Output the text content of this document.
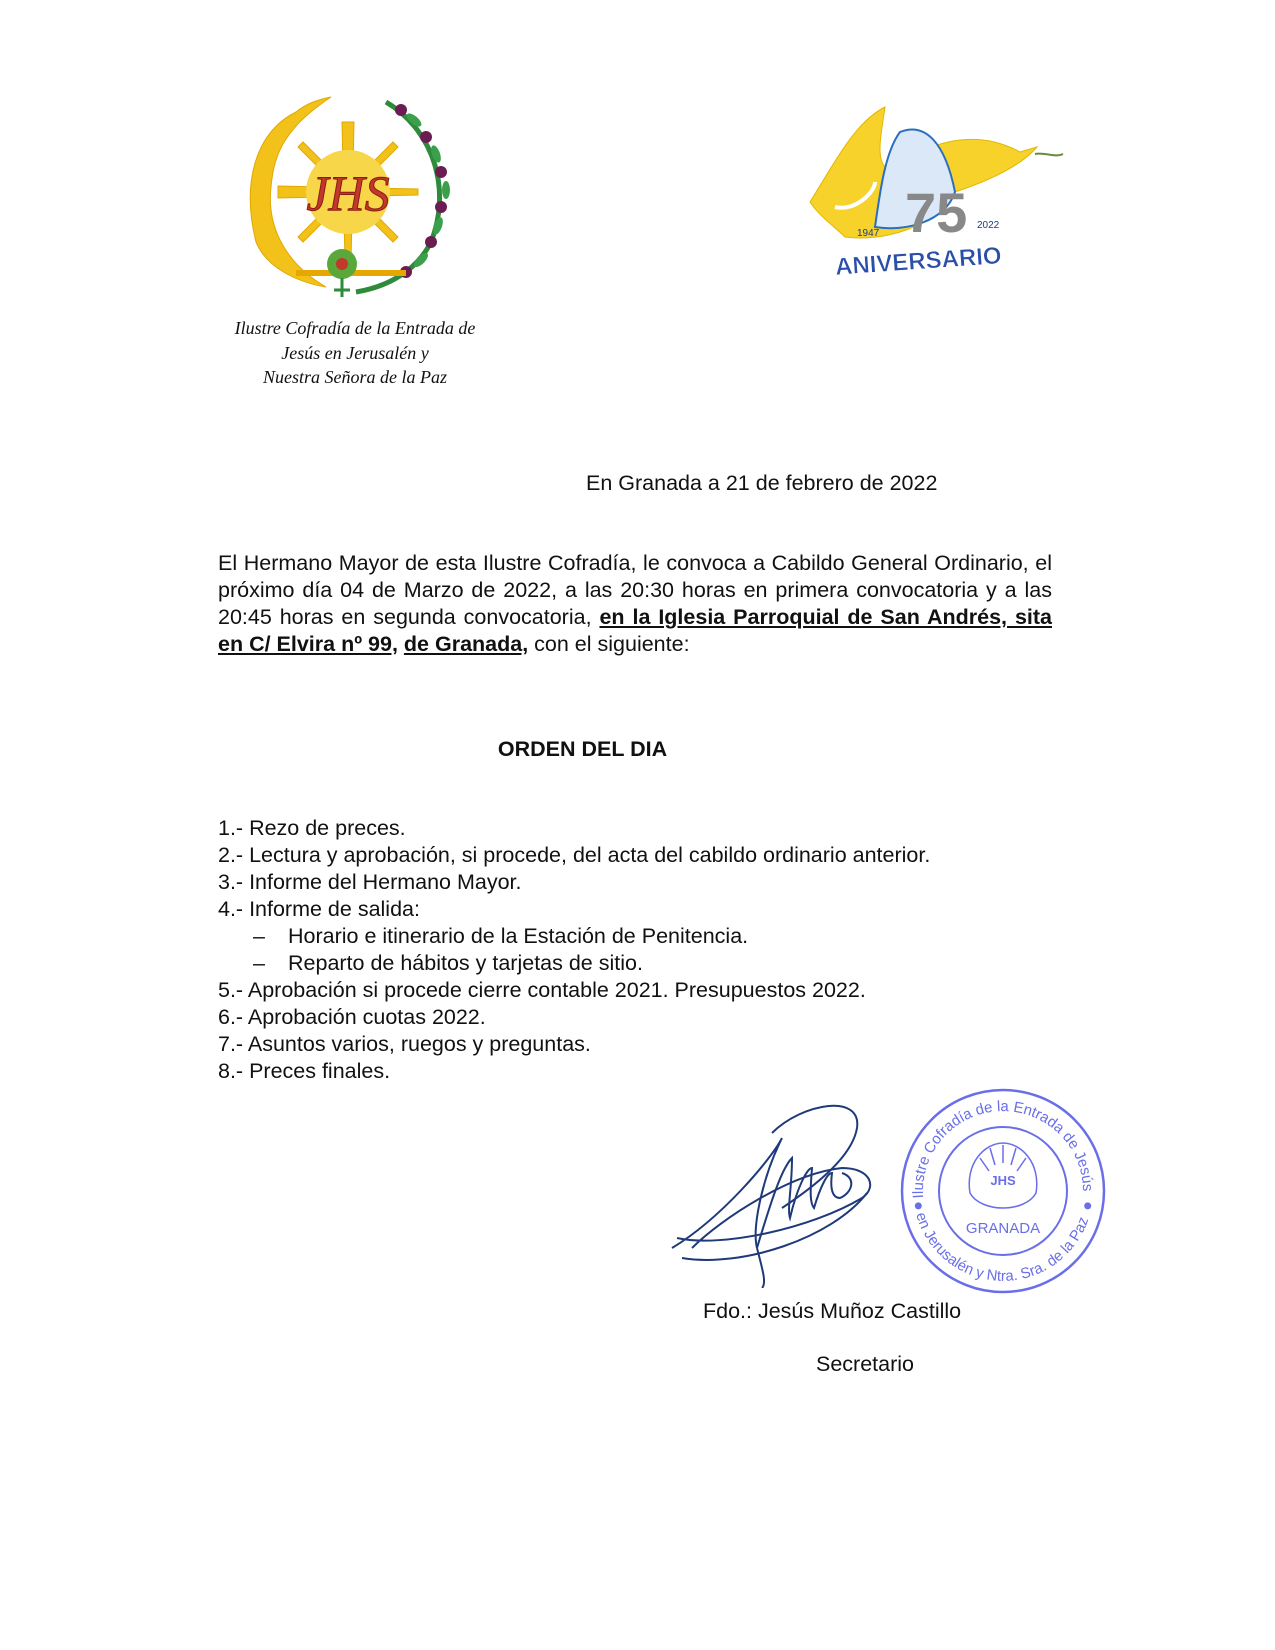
JHS
Ilustre Cofradía de la Entrada de
Jesús en Jerusalén y
Nuestra Señora de la Paz
75
1947
2022
ANIVERSARIO
En Granada a 21 de febrero de 2022
El Hermano Mayor de esta Ilustre Cofradía, le convoca a Cabildo General Ordinario, el próximo día 04 de Marzo de 2022, a las 20:30 horas en primera convocatoria y a las 20:45 horas en segunda convocatoria, en la Iglesia Parroquial de San Andrés, sita en C/ Elvira nº 99, de Granada, con el siguiente:
ORDEN DEL DIA
1.- Rezo de preces.
2.- Lectura y aprobación, si procede, del acta del cabildo ordinario anterior.
3.- Informe del Hermano Mayor.
4.- Informe de salida:
– Horario e itinerario de la Estación de Penitencia.
– Reparto de hábitos y tarjetas de sitio.
5.- Aprobación si procede cierre contable 2021. Presupuestos 2022.
6.- Aprobación cuotas 2022.
7.- Asuntos varios, ruegos y preguntas.
8.- Preces finales.
Ilustre Cofradía de la Entrada de Jesús
en Jerusalén y Ntra. Sra. de la Paz
JHS
GRANADA
Fdo.: Jesús Muñoz Castillo
Secretario
